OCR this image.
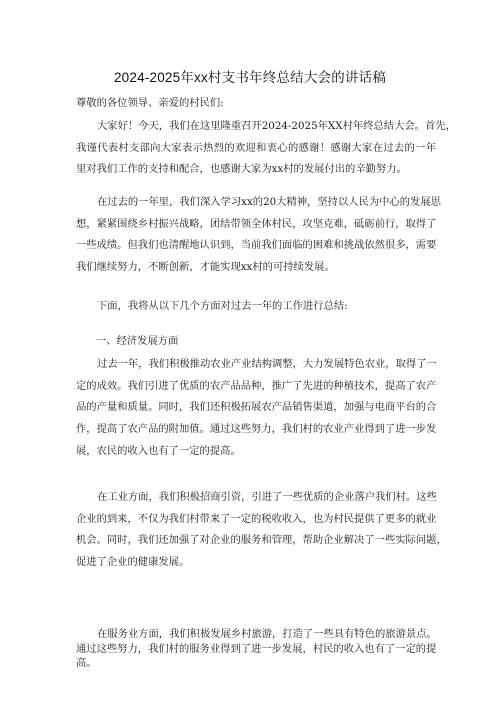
2024-2025年xx村支书年终总结大会的讲话稿
尊敬的各位领导、亲爱的村民们:
大家好！今天，我们在这里隆重召开2024-2025年XX村年终总结大会。首先，
我谨代表村支部向大家表示热烈的欢迎和衷心的感谢！感谢大家在过去的一年
里对我们工作的支持和配合，也感谢大家为xx村的发展付出的辛勤努力。
在过去的一年里，我们深入学习xx的20大精神，坚持以人民为中心的发展思
想，紧紧围绕乡村振兴战略，团结带领全体村民，攻坚克难，砥砺前行，取得了
一些成绩。但我们也清醒地认识到，当前我们面临的困难和挑战依然很多，需要
我们继续努力，不断创新，才能实现xx村的可持续发展。
下面，我将从以下几个方面对过去一年的工作进行总结:
一、经济发展方面
过去一年，我们积极推动农业产业结构调整，大力发展特色农业，取得了一
定的成效。我们引进了优质的农产品品种，推广了先进的种植技术，提高了农产
品的产量和质量。同时，我们还积极拓展农产品销售渠道，加强与电商平台的合
作，提高了农产品的附加值。通过这些努力，我们村的农业产业得到了进一步发
展，农民的收入也有了一定的提高。
在工业方面，我们积极招商引资，引进了一些优质的企业落户我们村。这些
企业的到来，不仅为我们村带来了一定的税收收入，也为村民提供了更多的就业
机会。同时，我们还加强了对企业的服务和管理，帮助企业解决了一些实际问题，
促进了企业的健康发展。
在服务业方面，我们积极发展乡村旅游，打造了一些具有特色的旅游景点。
通过这些努力，我们村的服务业得到了进一步发展，村民的收入也有了一定的提
高。
